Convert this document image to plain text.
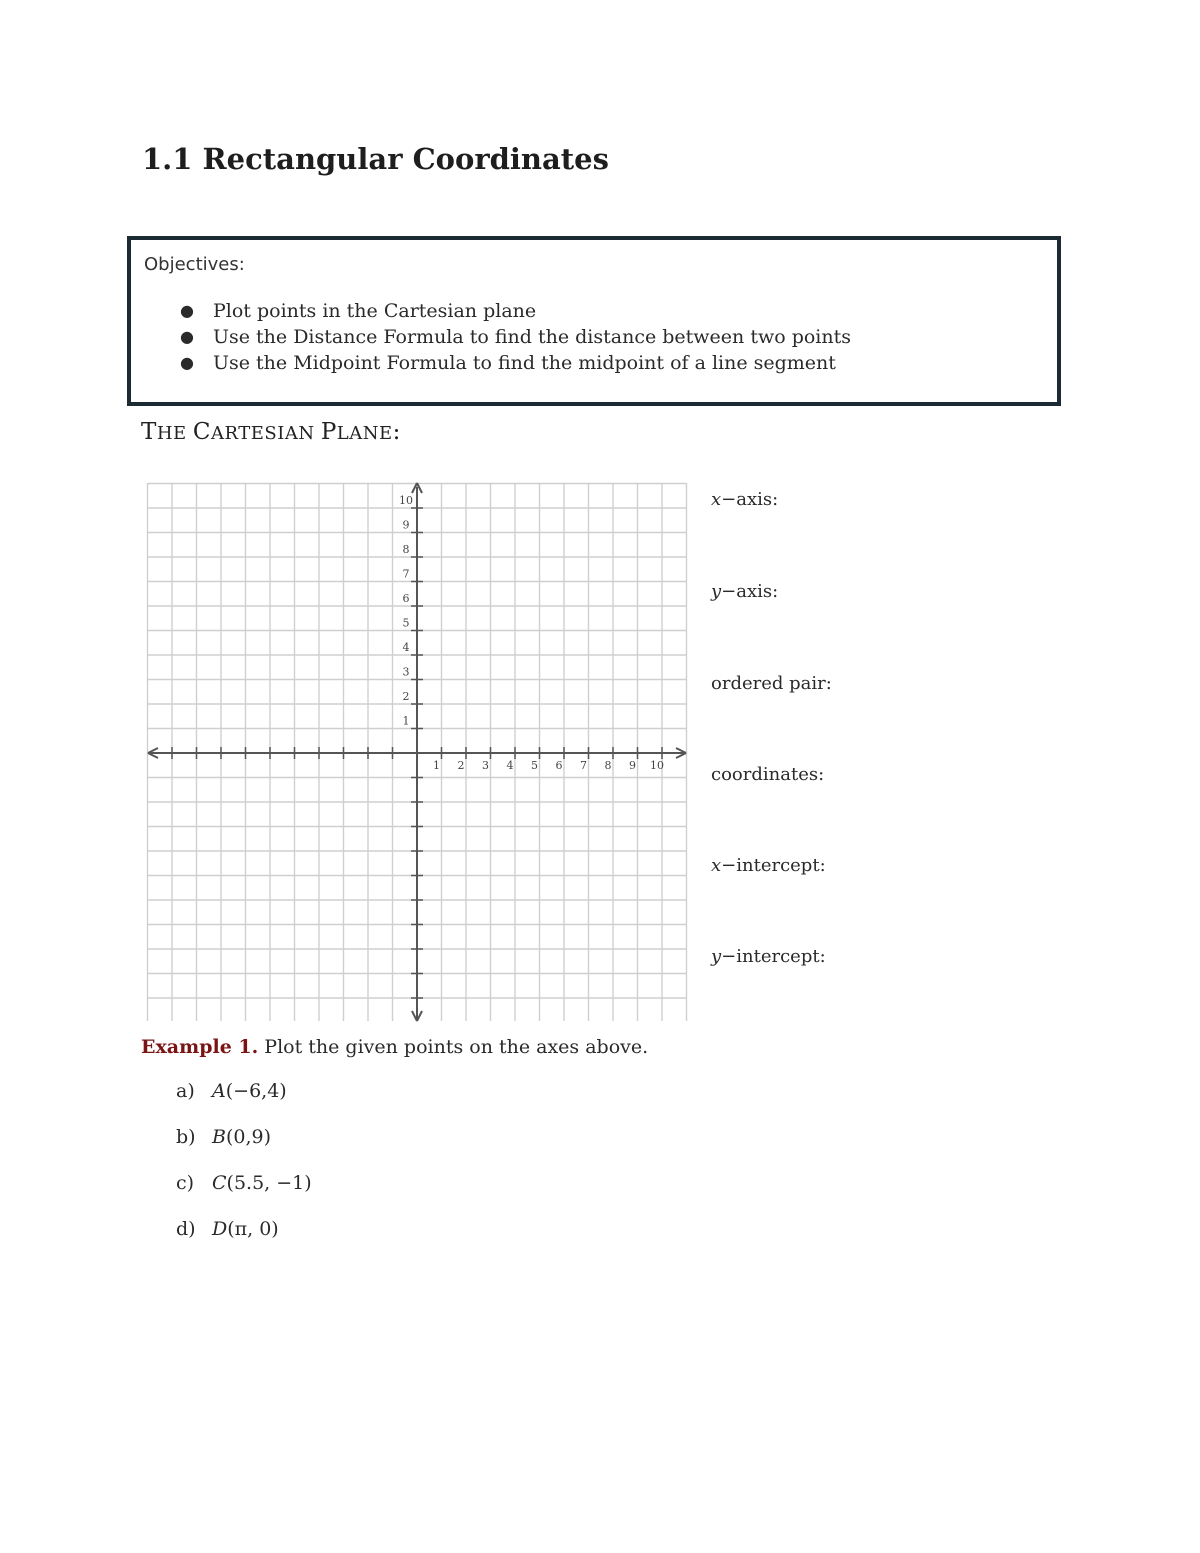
1.1 Rectangular Coordinates
Objectives:
● Plot points in the Cartesian plane
● Use the Distance Formula to find the distance between two points
● Use the Midpoint Formula to find the midpoint of a line segment
THE CARTESIAN PLANE:
1 2 3 4 5 6 7 8 9 10
1
2
3
4
5
6
7
8
9
10	x−axis:
y−axis:
ordered pair:
coordinates:
x−intercept:
y−intercept:
Example 1. Plot the given points on the axes above.
a) A(−6,4)
b) B(0,9)
c) C(5.5, −1)
d) D(π, 0)
